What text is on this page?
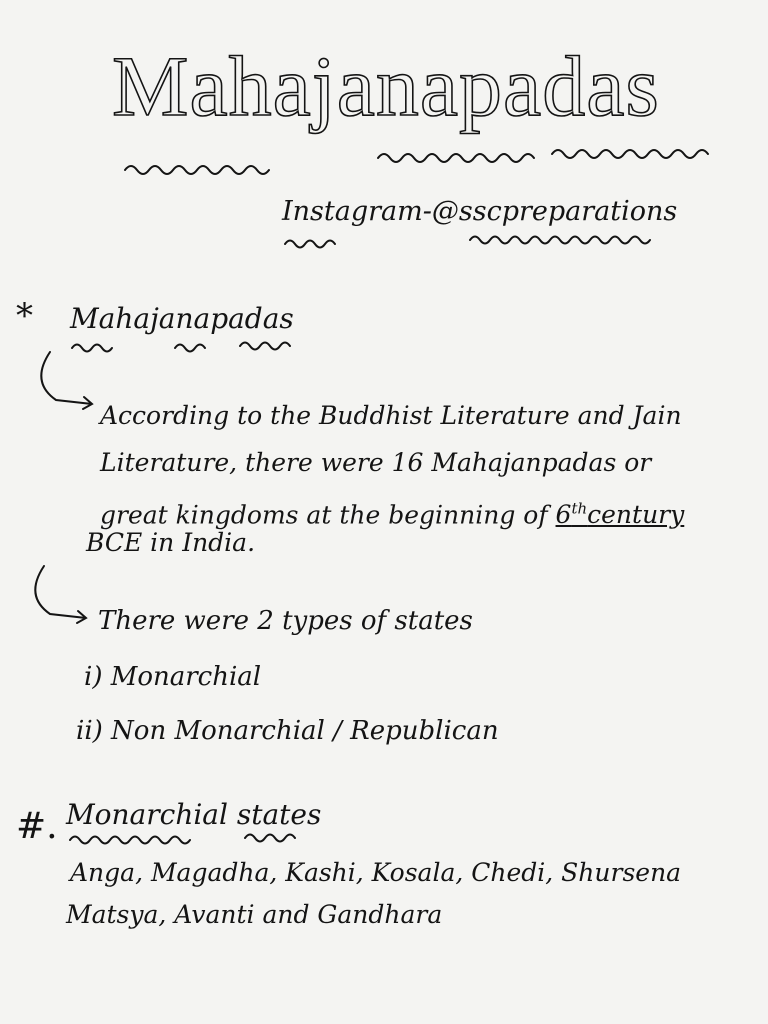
Mahajanapadas
Instagram-@sscpreparations
* Mahajanapadas
According to the Buddhist Literature and Jain
Literature, there were 16 Mahajanpadas or
great kingdoms at the beginning of 6thcentury
BCE in India.
There were 2 types of states
i) Monarchial
ii) Non Monarchial / Republican
#. Monarchial states
Anga, Magadha, Kashi, Kosala, Chedi, Shursena
Matsya, Avanti and Gandhara
